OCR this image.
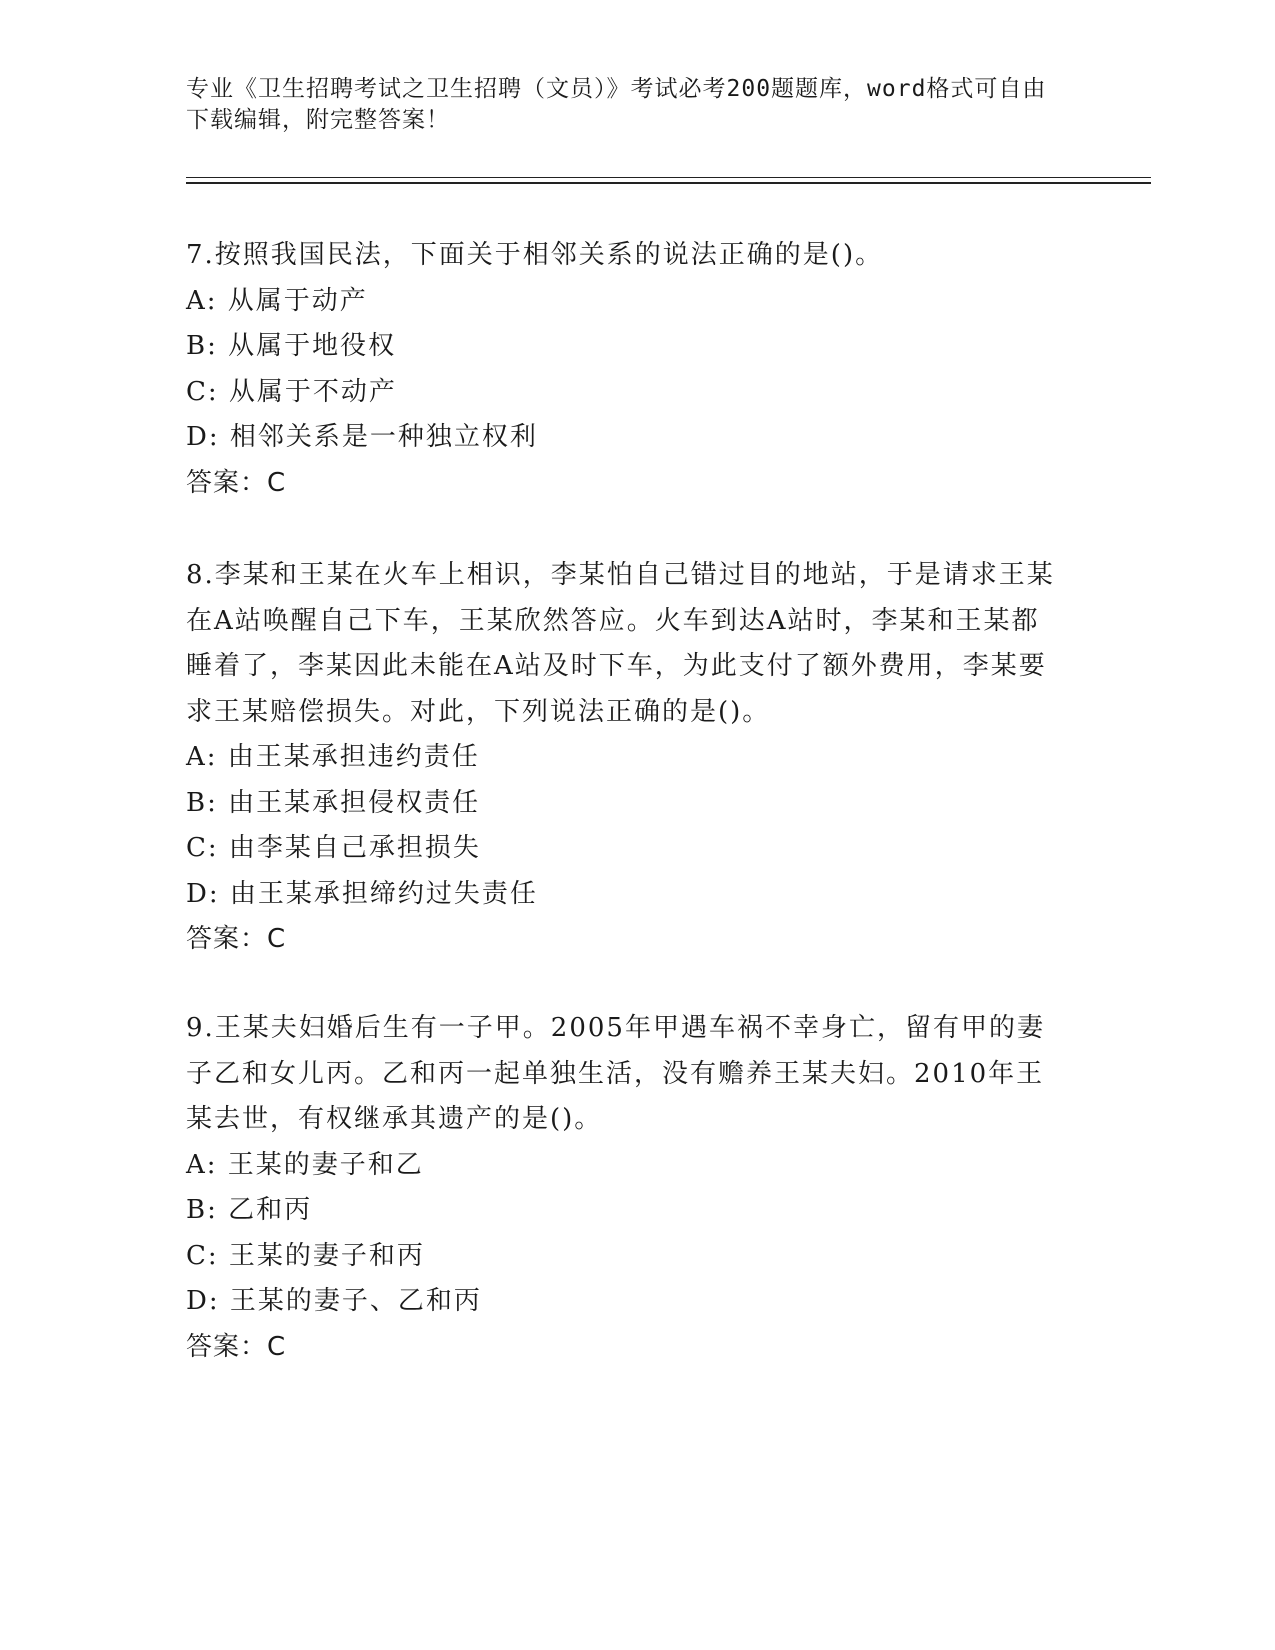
专业《卫生招聘考试之卫生招聘（文员）》考试必考200题题库，word格式可自由下载编辑，附完整答案！

7.按照我国民法，下面关于相邻关系的说法正确的是()。

A: 从属于动产

B: 从属于地役权

C: 从属于不动产

D: 相邻关系是一种独立权利

答案：C

8.李某和王某在火车上相识，李某怕自己错过目的地站，于是请求王某在A站唤醒自己下车，王某欣然答应。火车到达A站时，李某和王某都睡着了，李某因此未能在A站及时下车，为此支付了额外费用，李某要求王某赔偿损失。对此，下列说法正确的是()。

A: 由王某承担违约责任

B: 由王某承担侵权责任

C: 由李某自己承担损失

D: 由王某承担缔约过失责任

答案：C

9.王某夫妇婚后生有一子甲。2005年甲遇车祸不幸身亡，留有甲的妻子乙和女儿丙。乙和丙一起单独生活，没有赡养王某夫妇。2010年王某去世，有权继承其遗产的是()。

A: 王某的妻子和乙

B: 乙和丙

C: 王某的妻子和丙

D: 王某的妻子、乙和丙

答案：C
